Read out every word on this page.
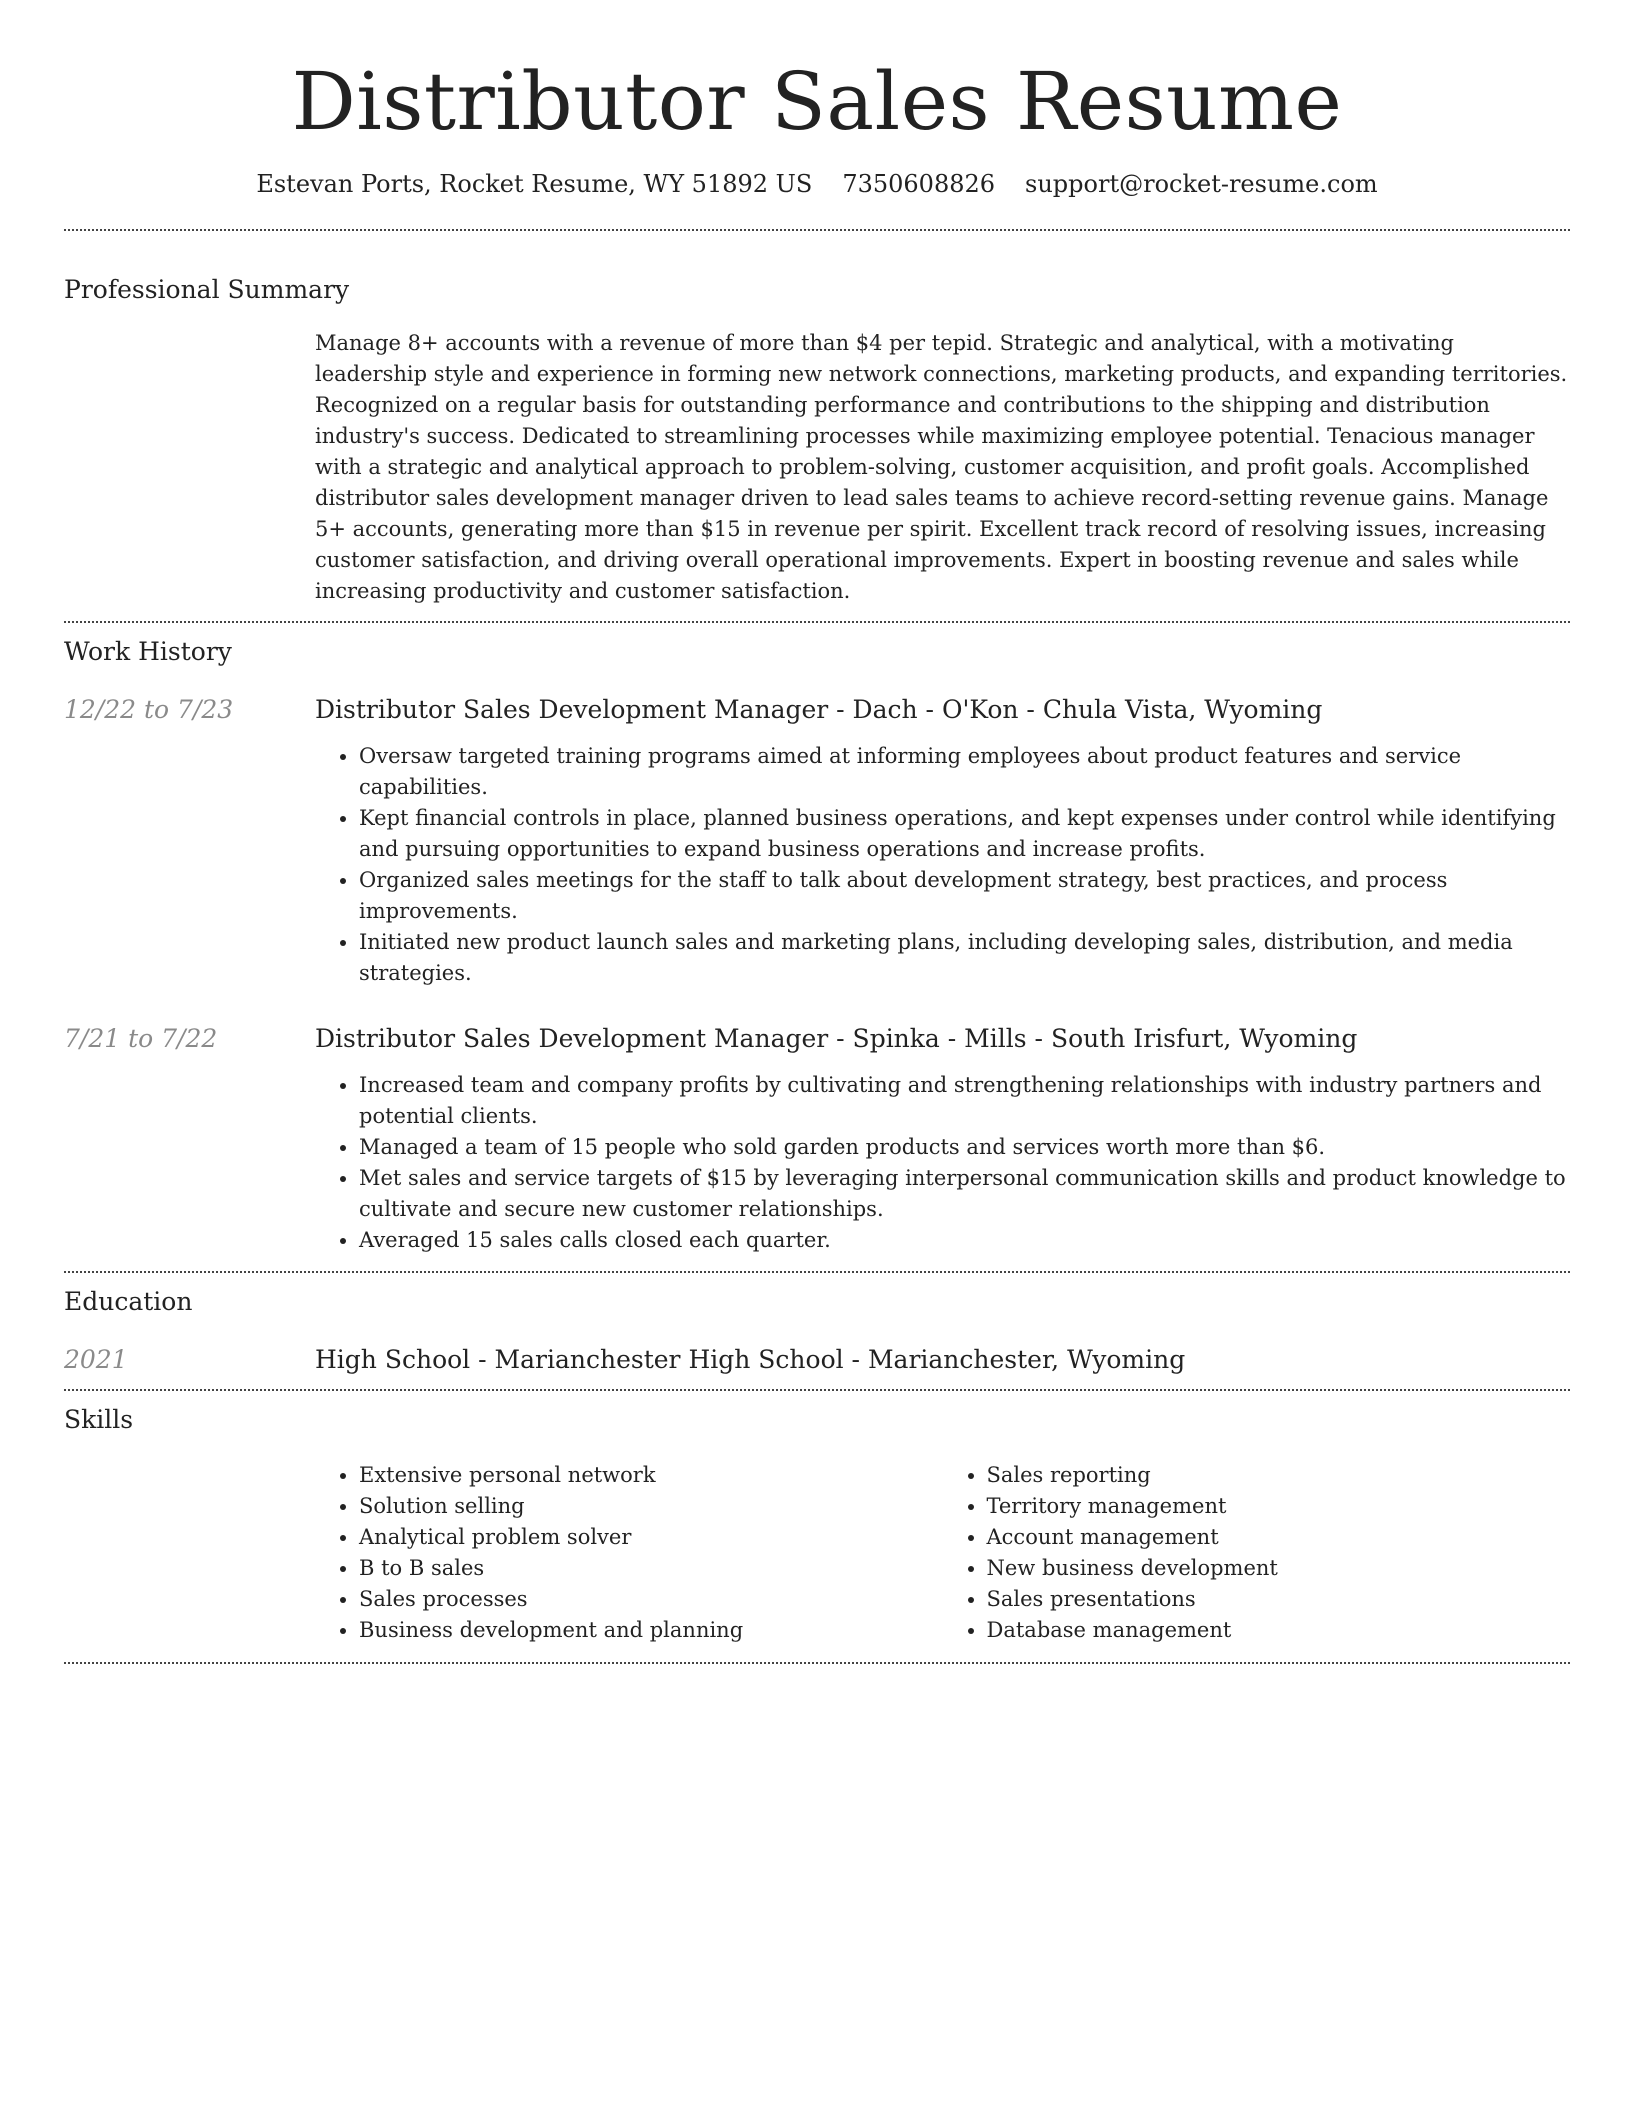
Distributor Sales Resume
Estevan Ports, Rocket Resume, WY 51892 US 7350608826 support@rocket-resume.com
Professional Summary

Manage 8+ accounts with a revenue of more than $4 per tepid. Strategic and analytical, with a motivating leadership style and experience in forming new network connections, marketing products, and expanding territories. Recognized on a regular basis for outstanding performance and contributions to the shipping and distribution industry's success. Dedicated to streamlining processes while maximizing employee potential. Tenacious manager with a strategic and analytical approach to problem-solving, customer acquisition, and profit goals. Accomplished distributor sales development manager driven to lead sales teams to achieve record-setting revenue gains. Manage 5+ accounts, generating more than $15 in revenue per spirit. Excellent track record of resolving issues, increasing customer satisfaction, and driving overall operational improvements. Expert in boosting revenue and sales while increasing productivity and customer satisfaction.

Work History
12/22 to 7/23	Distributor Sales Development Manager - Dach - O'Kon - Chula Vista, Wyoming
• Oversaw targeted training programs aimed at informing employees about product features and service capabilities.
• Kept financial controls in place, planned business operations, and kept expenses under control while identifying and pursuing opportunities to expand business operations and increase profits.
• Organized sales meetings for the staff to talk about development strategy, best practices, and process improvements.
• Initiated new product launch sales and marketing plans, including developing sales, distribution, and media strategies.
7/21 to 7/22	Distributor Sales Development Manager - Spinka - Mills - South Irisfurt, Wyoming
• Increased team and company profits by cultivating and strengthening relationships with industry partners and potential clients.
• Managed a team of 15 people who sold garden products and services worth more than $6.
• Met sales and service targets of $15 by leveraging interpersonal communication skills and product knowledge to cultivate and secure new customer relationships.
• Averaged 15 sales calls closed each quarter.
Education
2021	High School - Marianchester High School - Marianchester, Wyoming
Skills
• Extensive personal network
• Solution selling
• Analytical problem solver
• B to B sales
• Sales processes
• Business development and planning
• Sales reporting
• Territory management
• Account management
• New business development
• Sales presentations
• Database management
